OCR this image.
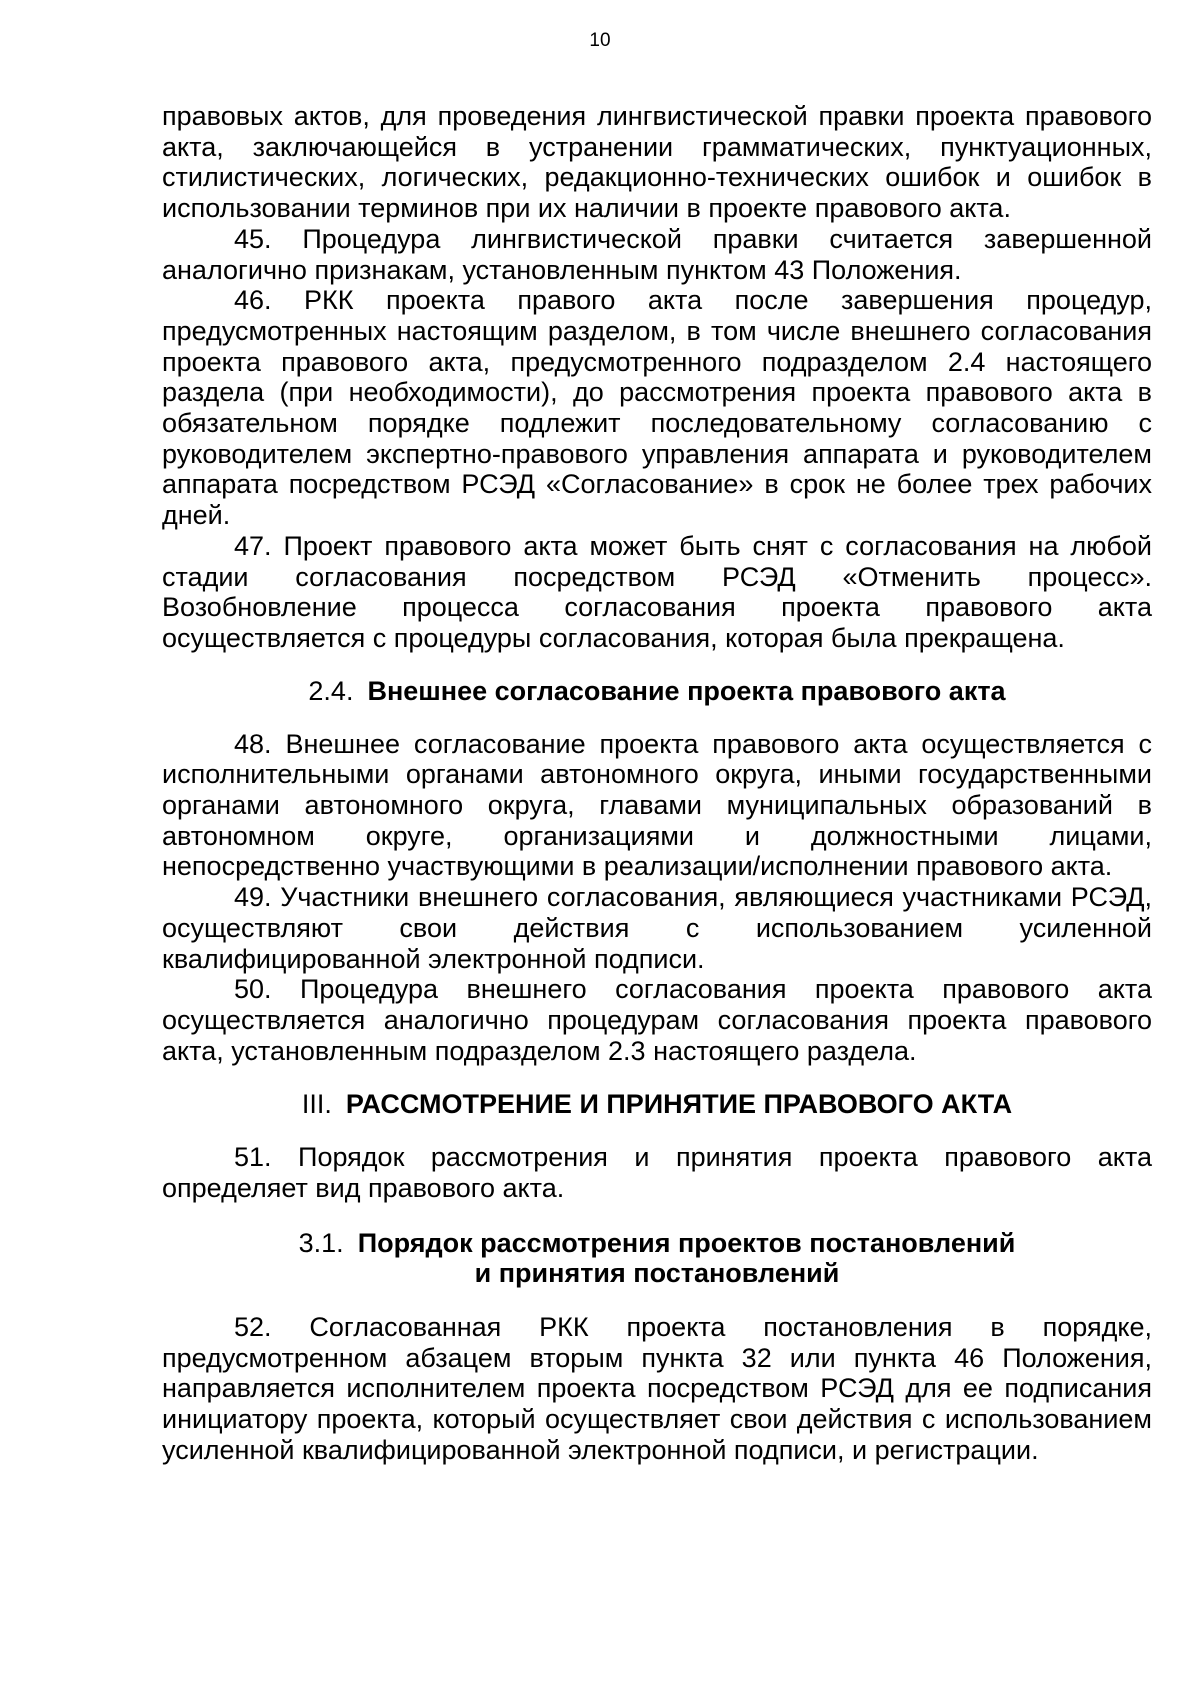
10

правовых актов, для проведения лингвистической правки проекта правового акта, заключающейся в устранении грамматических, пунктуационных, стилистических, логических, редакционно-технических ошибок и ошибок в использовании терминов при их наличии в проекте правового акта.

45. Процедура лингвистической правки считается завершенной аналогично признакам, установленным пунктом 43 Положения.

46. РКК проекта правого акта после завершения процедур, предусмотренных настоящим разделом, в том числе внешнего согласования проекта правового акта, предусмотренного подразделом 2.4 настоящего раздела (при необходимости), до рассмотрения проекта правового акта в обязательном порядке подлежит последовательному согласованию с руководителем экспертно-правового управления аппарата и руководителем аппарата посредством РСЭД «Согласование» в срок не более трех рабочих дней.

47. Проект правового акта может быть снят с согласования на любой стадии согласования посредством РСЭД «Отменить процесс». Возобновление процесса согласования проекта правового акта осуществляется с процедуры согласования, которая была прекращена.

2.4. Внешнее согласование проекта правового акта

48. Внешнее согласование проекта правового акта осуществляется с исполнительными органами автономного округа, иными государственными органами автономного округа, главами муниципальных образований в автономном округе, организациями и должностными лицами, непосредственно участвующими в реализации/исполнении правового акта.

49. Участники внешнего согласования, являющиеся участниками РСЭД, осуществляют свои действия с использованием усиленной квалифицированной электронной подписи.

50. Процедура внешнего согласования проекта правового акта осуществляется аналогично процедурам согласования проекта правового акта, установленным подразделом 2.3 настоящего раздела.

III. РАССМОТРЕНИЕ И ПРИНЯТИЕ ПРАВОВОГО АКТА

51. Порядок рассмотрения и принятия проекта правового акта определяет вид правового акта.

3.1. Порядок рассмотрения проектов постановлений
и принятия постановлений

52. Согласованная РКК проекта постановления в порядке, предусмотренном абзацем вторым пункта 32 или пункта 46 Положения, направляется исполнителем проекта посредством РСЭД для ее подписания инициатору проекта, который осуществляет свои действия с использованием усиленной квалифицированной электронной подписи, и регистрации.
